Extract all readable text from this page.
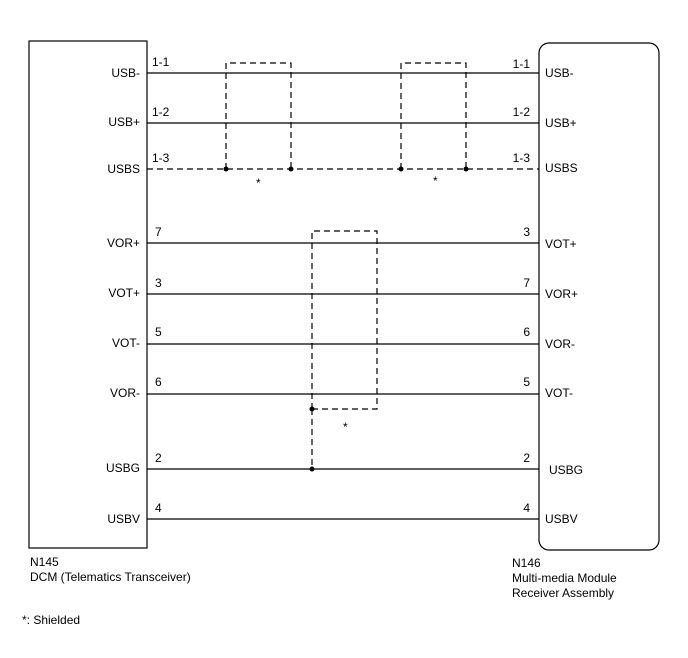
USB-
USB+
USBS
VOR+
VOT+
VOT-
VOR-
USBG
USBV
1-1
1-2
1-3
7
3
5
6
2
4
1-1
1-2
1-3
3
7
6
5
2
4
USB-
USB+
USBS
VOT+
VOR+
VOR-
VOT-
USBG
USBV
*	*
*
N145
DCM (Telematics Transceiver)
N146
Multi-media Module
Receiver Assembly
*: Shielded
